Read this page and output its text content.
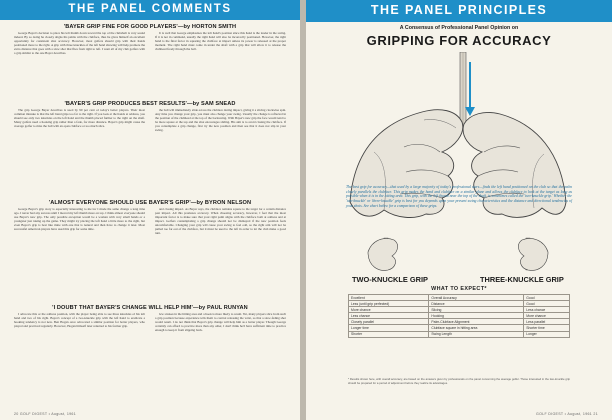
THE PANEL COMMENTS
'BAYER GRIP FINE FOR GOOD PLAYERS'—by HORTON SMITH

George Bayer's decision to place his left thumb down toward the top of the clubshaft is very sound indeed. By so doing he closely aligns his palms with the clubface, thus he gives himself an excellent opportunity for consistent shot accuracy. However, most golfers should grip with their hands positioned more to the right. A grip with three knuckles of the left hand showing will help promote the extra distance that goes with a slow shot that flies from right to left. I want all of my club golfers with a grip similar to the one Bayer describes.

It is well that George emphasizes the left hand's position since this hand is the leader in the swing. If it is not in command, usually the right hand will also be incorrectly positioned. However, the right hand is the final factor in squaring the clubface at impact unless its power is released at the proper moment. The right hand must come in under the shaft with a grip that will allow it to release the clubhead freely through the ball.

'BAYER'S GRIP PRODUCES BEST RESULTS'—by SAM SNEAD

The grip George Bayer describes is used by 90 per cent of today's better players. Their most common mistake is that the left hand grips too far to the right. If you look at the hands at address, you should see only two knuckles on the left hand and the thumb placed further to the right on the shaft. Many golfers need a hooking grip rather than a fade, for more distance. Bayer's grip might cause the average golfer to miss the ball with an open clubface or too much slice.

the ball will immediately slide across the clubface during impact, giving it a slicing clockwise spin. Any time you change your grip, you must also change your swing. Usually the change is reflected in the position of the clubhead at the top of the backswing. With Bayer's new grip the face would tend to be more square at the top and the shot encourages sliding. His aim is to avoid closing the clubface. If you contemplate a grip change, first try the new position and then see that it does not slip in your swing.

'ALMOST EVERYONE SHOULD USE BAYER'S GRIP'—by BYRON NELSON

George Bayer's grip story is especially interesting to me for I made the same change a long time ago. I never had any success until I moved my left thumb more on top. I think almost everyone should use Bayer's new grip. The only possible exception would be a woman with very small hands or a youngster just taking up the game. They might try placing the left hand a little more to the right, but even Bayer's grip is best like mine with one that is natural and then have to change it later. Most successful American players have used this grip for some time.

and closing impact. As Bayer says, the clubface remains square to the target for a certain distance past impact. All this promotes accuracy. When choosing accuracy, however, I feel that the most important factor is to make sure that your right palm aligns with the clubface both at address and at impact. Golfers contemplating a grip change should not be dismayed if the new position feels uncomfortable. Changing your grip will cause your swing to feel odd, so the right arm will not be pulled too far out of the clubface, but it must be used to the left in order to let the club make a good turn.

'I DOUBT THAT BAYER'S CHANGE WILL HELP HIM'—by PAUL RUNYAN

I advocate this or the address position, with the player being able to see three knuckles of his left hand and two of his right. Bayer's concept of a two-knuckle grip with the left hand to eradicate a hooking tendency is not new. Ben Hogan once advocated a similar position for better players, who played and practiced regularly. However, Hogan himself later returned to his former grip.

few strokes in the hitting area and a hook is more likely to result. Yet, many players slice from such a grip position because experience tells them to control releasing the wrist, so that a slow-fading shot would result. I do not think that Bayer's grip change will help him as a better player. Though George certainly can afford to practice more than any other, I don't think he'd have sufficient time to practice enough to keep it from slipping back.

20 GOLF DIGEST • August, 1961
THE PANEL PRINCIPLES
A Consensus of Professional Panel Opinion on
GRIPPING FOR ACCURACY
The best grip for accuracy—that used by a large majority of today's professional stars—finds the left hand positioned on the club so that the palm closely parallels the clubface. This grip makes the hand and clubface on a similar plane and allows the clubface to look at the target as long as possible when it is in the hitting area. This grip, with the left thumb near the top of the shaft, is sometimes called the 'two-knuckle grip.' Whether the 'two-knuckle' or 'three-knuckle' grip is best for you depends upon your present swing characteristics and the distance and directional tendencies of your shots. See chart below for a comparison of these grips.
TWO-KNUCKLE GRIP	THREE-KNUCKLE GRIP
WHAT TO EXPECT*
Excellent	Overall Accuracy	Good
Less (until grip perfected)	Distance	Good
More chance	Slicing	Less chance
Less chance	Hooking	More chance
Closely parallel	Palm-Clubface Alignment	Less parallel
Longer time	Clubface square in hitting area	Shorter time
Shorter	Swing Length	Longer
* Results shown here, with overall accuracy, are based on the answers given by professionals on the panel concerning the average golfer. Those interested in the two-knuckle grip should be prepared for a period of adjustment before they realize its advantages.
GOLF DIGEST • August, 1961 21
